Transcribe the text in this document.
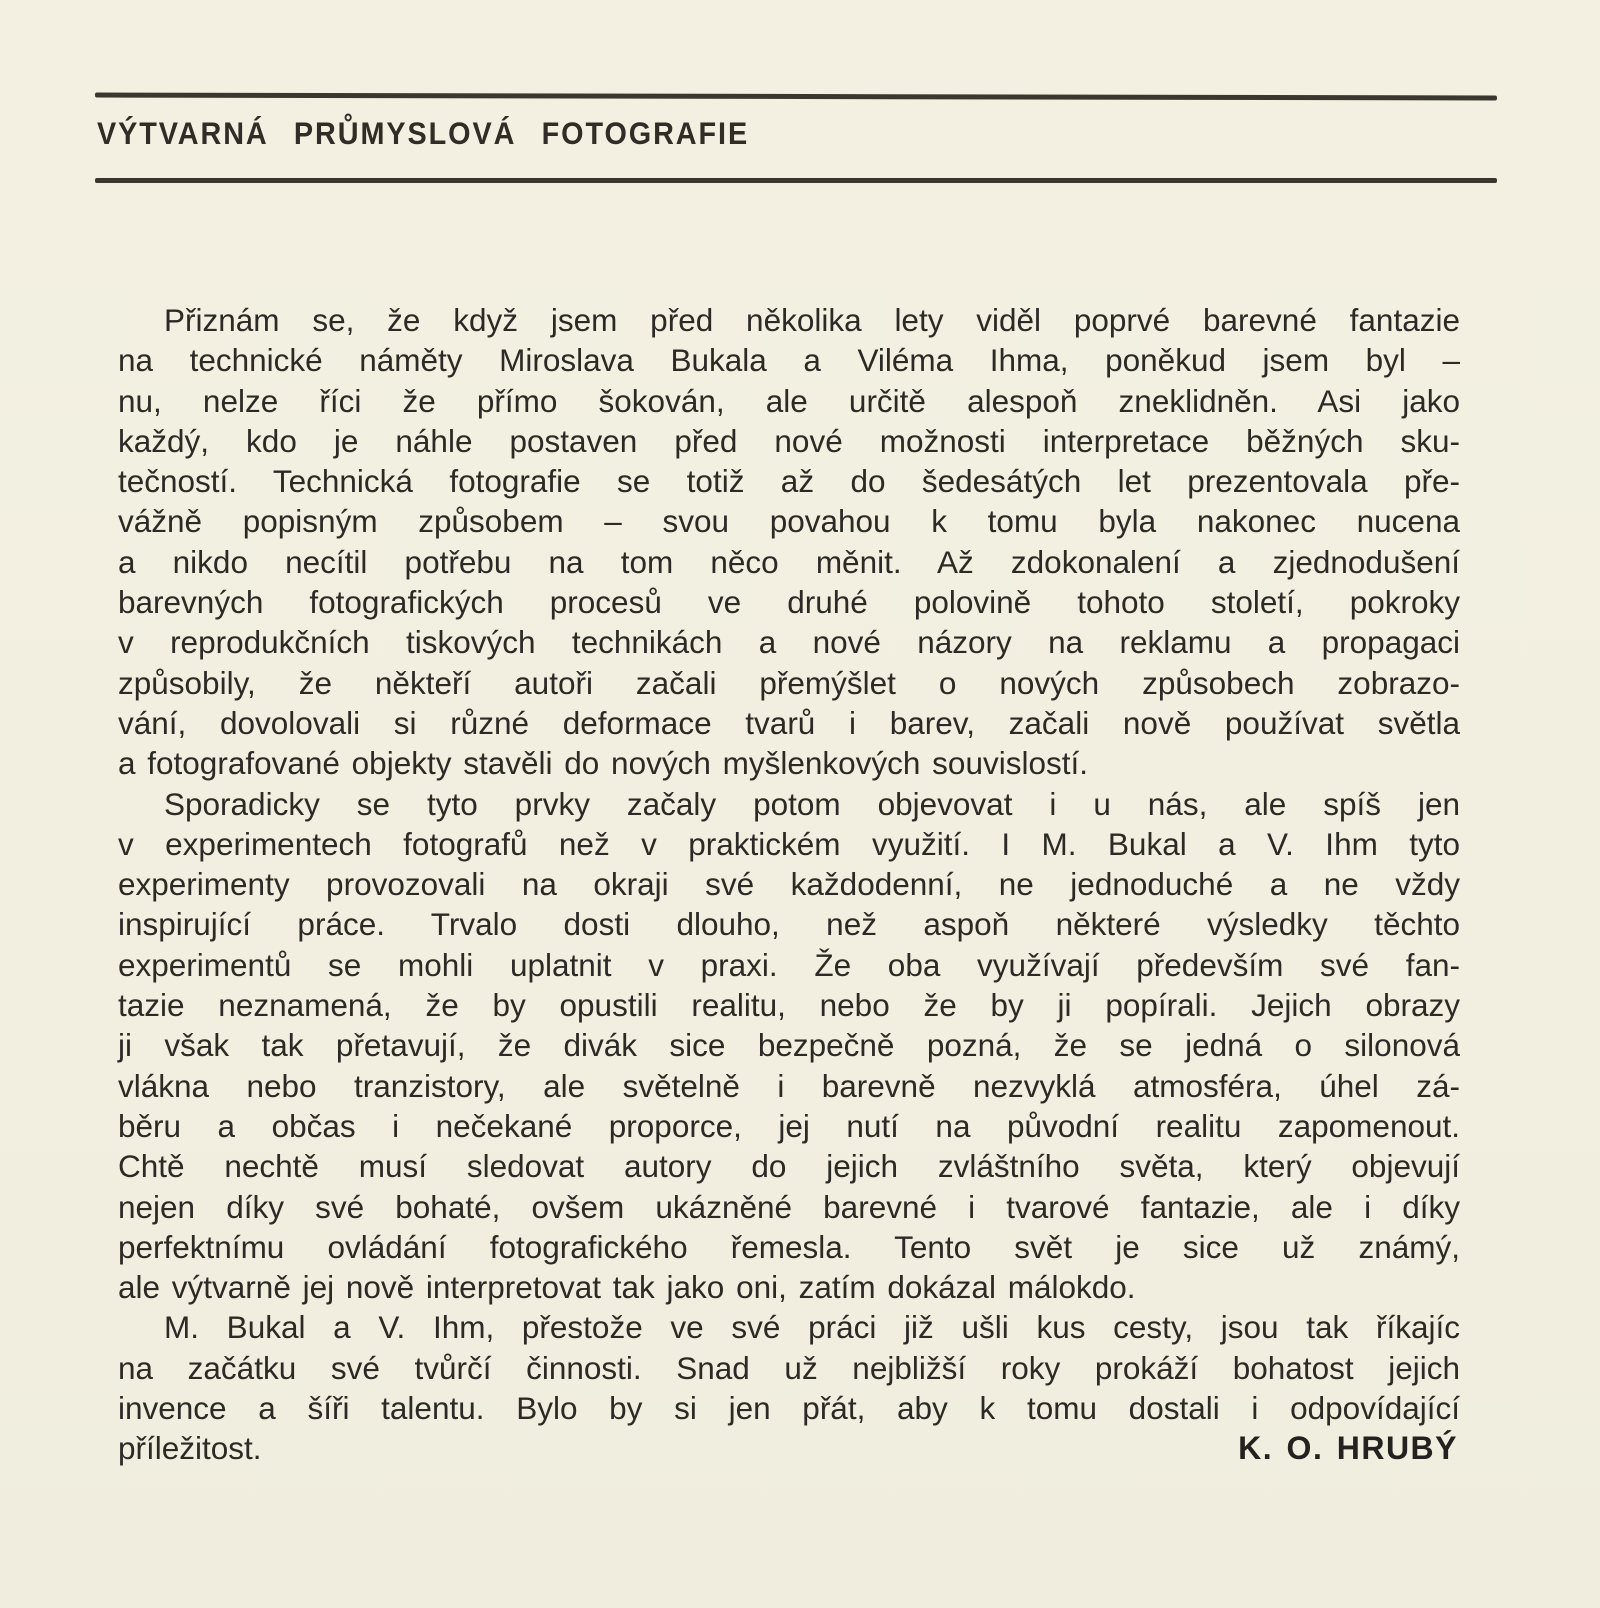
VÝTVARNÁ PRŮMYSLOVÁ FOTOGRAFIE
Přiznám se, že když jsem před několika lety viděl poprvé barevné fantazie
na technické náměty Miroslava Bukala a Viléma Ihma, poněkud jsem byl –
nu, nelze říci že přímo šokován, ale určitě alespoň zneklidněn. Asi jako
každý, kdo je náhle postaven před nové možnosti interpretace běžných sku-
tečností. Technická fotografie se totiž až do šedesátých let prezentovala pře-
vážně popisným způsobem – svou povahou k tomu byla nakonec nucena
a nikdo necítil potřebu na tom něco měnit. Až zdokonalení a zjednodušení
barevných fotografických procesů ve druhé polovině tohoto století, pokroky
v reprodukčních tiskových technikách a nové názory na reklamu a propagaci
způsobily, že někteří autoři začali přemýšlet o nových způsobech zobrazo-
vání, dovolovali si různé deformace tvarů i barev, začali nově používat světla
a fotografované objekty stavěli do nových myšlenkových souvislostí.
Sporadicky se tyto prvky začaly potom objevovat i u nás, ale spíš jen
v experimentech fotografů než v praktickém využití. I M. Bukal a V. Ihm tyto
experimenty provozovali na okraji své každodenní, ne jednoduché a ne vždy
inspirující práce. Trvalo dosti dlouho, než aspoň některé výsledky těchto
experimentů se mohli uplatnit v praxi. Že oba využívají především své fan-
tazie neznamená, že by opustili realitu, nebo že by ji popírali. Jejich obrazy
ji však tak přetavují, že divák sice bezpečně pozná, že se jedná o silonová
vlákna nebo tranzistory, ale světelně i barevně nezvyklá atmosféra, úhel zá-
běru a občas i nečekané proporce, jej nutí na původní realitu zapomenout.
Chtě nechtě musí sledovat autory do jejich zvláštního světa, který objevují
nejen díky své bohaté, ovšem ukázněné barevné i tvarové fantazie, ale i díky
perfektnímu ovládání fotografického řemesla. Tento svět je sice už známý,
ale výtvarně jej nově interpretovat tak jako oni, zatím dokázal málokdo.
M. Bukal a V. Ihm, přestože ve své práci již ušli kus cesty, jsou tak říkajíc
na začátku své tvůrčí činnosti. Snad už nejbližší roky prokáží bohatost jejich
invence a šíři talentu. Bylo by si jen přát, aby k tomu dostali i odpovídající
K. O. HRUBÝ
příležitost.
